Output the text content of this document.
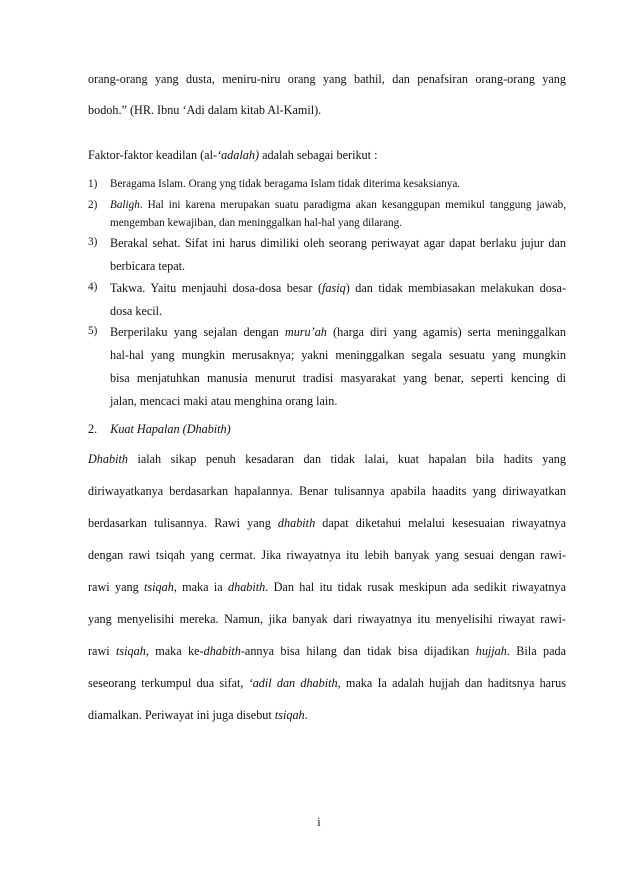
orang-orang yang dusta, meniru-niru orang yang bathil, dan penafsiran orang-orang yang
bodoh.” (HR. Ibnu ‘Adi dalam kitab Al-Kamil).
Faktor-faktor keadilan (al-‘adalah) adalah sebagai berikut :
1)	Beragama Islam. Orang yng tidak beragama Islam tidak diterima kesaksianya.
2)	Baligh. Hal ini karena merupakan suatu paradigma akan kesanggupan memikul tanggung jawab,
mengemban kewajiban, dan meninggalkan hal-hal yang dilarang.
3)	Berakal sehat. Sifat ini harus dimiliki oleh seorang periwayat agar dapat berlaku jujur dan
berbicara tepat.
4)	Takwa. Yaitu menjauhi dosa-dosa besar (fasiq) dan tidak membiasakan melakukan dosa-
dosa kecil.
5)	Berperilaku yang sejalan dengan muru’ah (harga diri yang agamis) serta meninggalkan
hal-hal yang mungkin merusaknya; yakni meninggalkan segala sesuatu yang mungkin
bisa menjatuhkan manusia menurut tradisi masyarakat yang benar, seperti kencing di
jalan, mencaci maki atau menghina orang lain.
2. Kuat Hapalan (Dhabith)
Dhabith ialah sikap penuh kesadaran dan tidak lalai, kuat hapalan bila hadits yang
diriwayatkanya berdasarkan hapalannya. Benar tulisannya apabila haadits yang diriwayatkan
berdasarkan tulisannya. Rawi yang dhabith dapat diketahui melalui kesesuaian riwayatnya
dengan rawi tsiqah yang cermat. Jika riwayatnya itu lebih banyak yang sesuai dengan rawi-
rawi yang tsiqah, maka ia dhabith. Dan hal itu tidak rusak meskipun ada sedikit riwayatnya
yang menyelisihi mereka. Namun, jika banyak dari riwayatnya itu menyelisihi riwayat rawi-
rawi tsiqah, maka ke-dhabith-annya bisa hilang dan tidak bisa dijadikan hujjah. Bila pada
seseorang terkumpul dua sifat, ‘adil dan dhabith, maka Ia adalah hujjah dan haditsnya harus
diamalkan. Periwayat ini juga disebut tsiqah.
i
